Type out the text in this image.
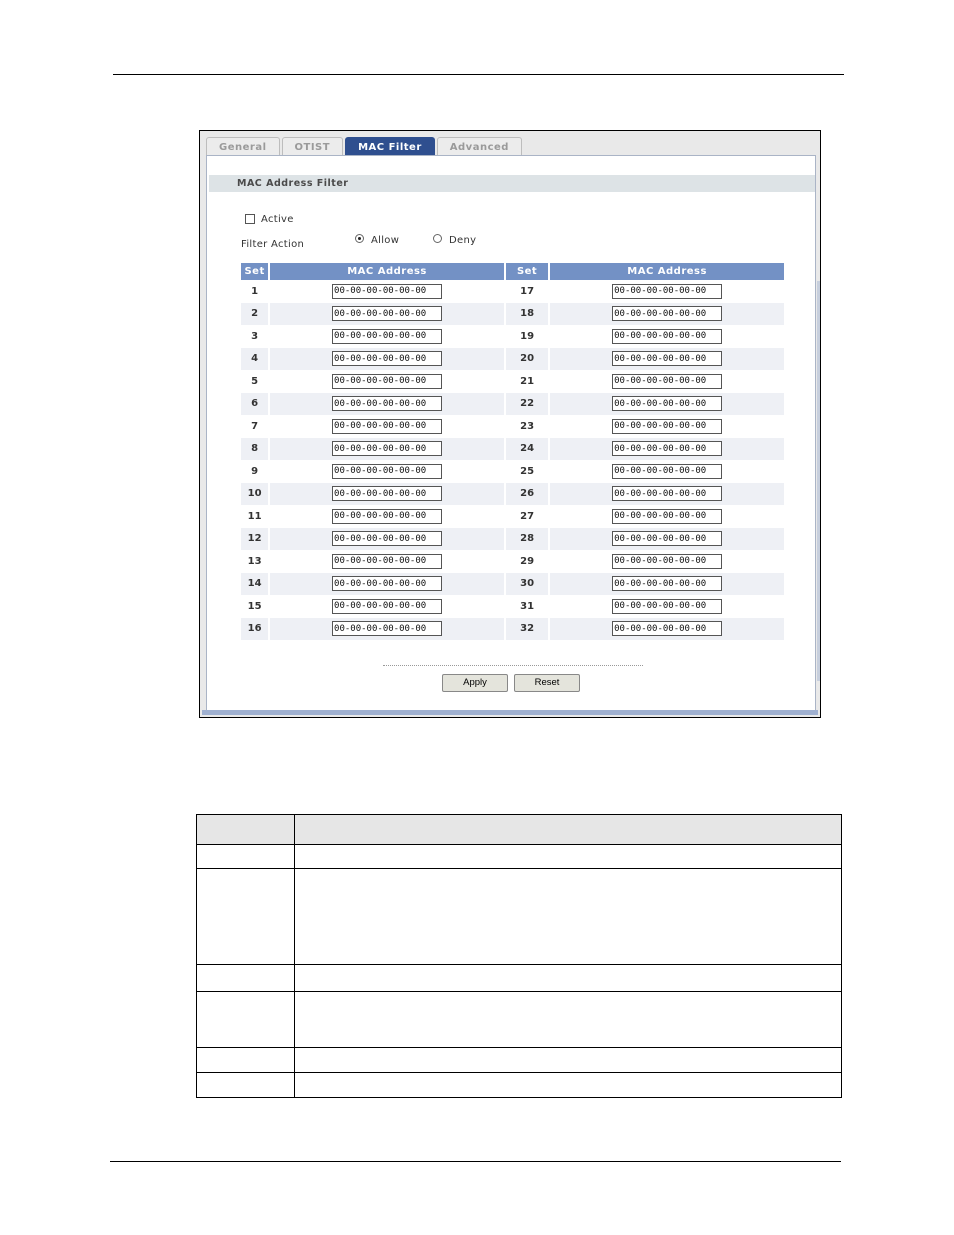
General	OTIST	MAC Filter	Advanced
MAC Address Filter
Active
Filter Action	Allow	Deny
Set	MAC Address	Set	MAC Address
1	00-00-00-00-00-00	17	00-00-00-00-00-00
2	00-00-00-00-00-00	18	00-00-00-00-00-00
3	00-00-00-00-00-00	19	00-00-00-00-00-00
4	00-00-00-00-00-00	20	00-00-00-00-00-00
5	00-00-00-00-00-00	21	00-00-00-00-00-00
6	00-00-00-00-00-00	22	00-00-00-00-00-00
7	00-00-00-00-00-00	23	00-00-00-00-00-00
8	00-00-00-00-00-00	24	00-00-00-00-00-00
9	00-00-00-00-00-00	25	00-00-00-00-00-00
10	00-00-00-00-00-00	26	00-00-00-00-00-00
11	00-00-00-00-00-00	27	00-00-00-00-00-00
12	00-00-00-00-00-00	28	00-00-00-00-00-00
13	00-00-00-00-00-00	29	00-00-00-00-00-00
14	00-00-00-00-00-00	30	00-00-00-00-00-00
15	00-00-00-00-00-00	31	00-00-00-00-00-00
16	00-00-00-00-00-00	32	00-00-00-00-00-00
Apply	Reset
